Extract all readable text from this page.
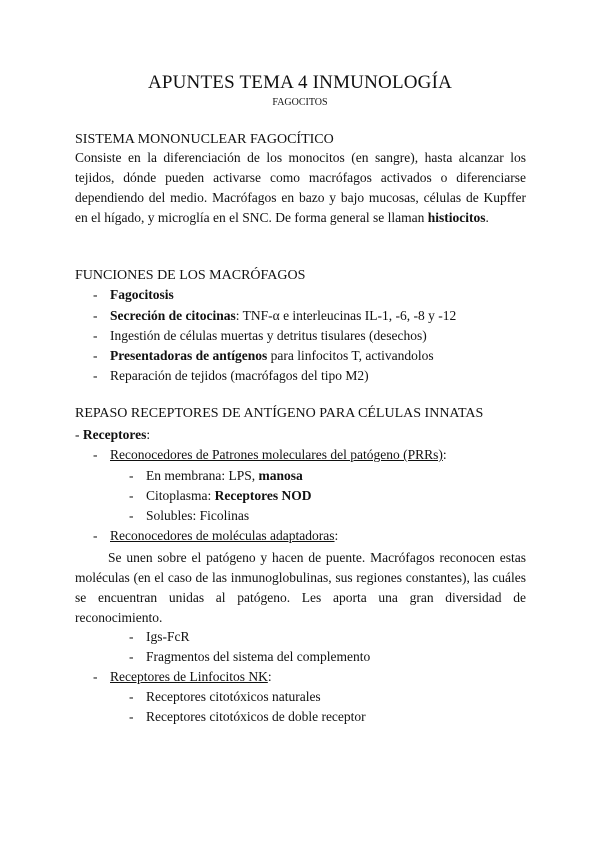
APUNTES TEMA 4 INMUNOLOGÍA
FAGOCITOS
SISTEMA MONONUCLEAR FAGOCÍTICO
Consiste en la diferenciación de los monocitos (en sangre), hasta alcanzar los tejidos, dónde pueden activarse como macrófagos activados o diferenciarse dependiendo del medio. Macrófagos en bazo y bajo mucosas, células de Kupffer en el hígado, y microglía en el SNC. De forma general se llaman histiocitos.
FUNCIONES DE LOS MACRÓFAGOS
- Fagocitosis
- Secreción de citocinas: TNF-α e interleucinas IL-1, -6, -8 y -12
- Ingestión de células muertas y detritus tisulares (desechos)
- Presentadoras de antígenos para linfocitos T, activandolos
- Reparación de tejidos (macrófagos del tipo M2)
REPASO RECEPTORES DE ANTÍGENO PARA CÉLULAS INNATAS
- Receptores:
- Reconocedores de Patrones moleculares del patógeno (PRRs):
- En membrana: LPS, manosa
- Citoplasma: Receptores NOD
- Solubles: Ficolinas
- Reconocedores de moléculas adaptadoras:
Se unen sobre el patógeno y hacen de puente. Macrófagos reconocen estas moléculas (en el caso de las inmunoglobulinas, sus regiones constantes), las cuáles se encuentran unidas al patógeno. Les aporta una gran diversidad de reconocimiento.
- Igs-FcR
- Fragmentos del sistema del complemento
- Receptores de Linfocitos NK:
- Receptores citotóxicos naturales
- Receptores citotóxicos de doble receptor
